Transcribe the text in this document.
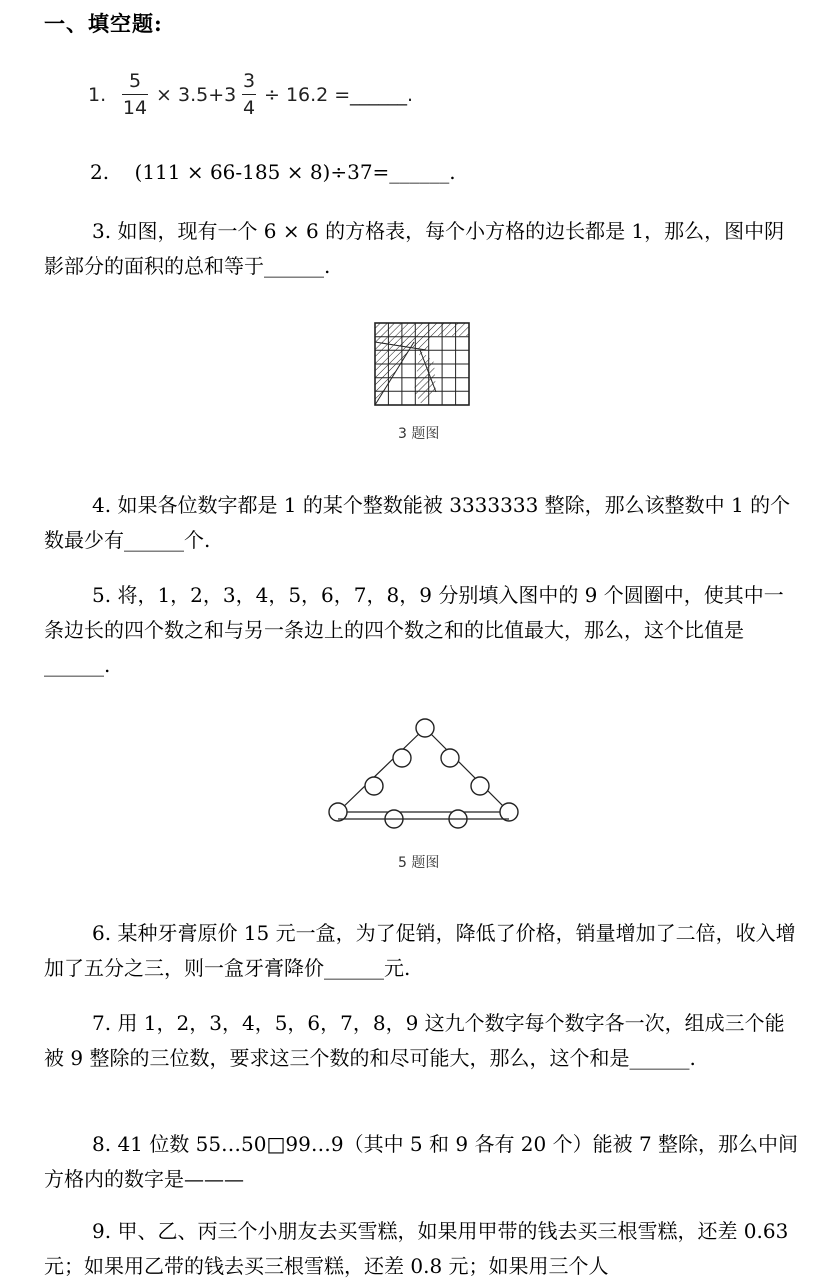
一、填空题:
1.
5
14
× 3.5+3
3
4
÷ 16.2 = ______.
2.    (111 × 66-185 × 8)÷37=______.
3. 如图，现有一个 6 × 6 的方格表，每个小方格的边长都是 1，那么，图中阴影部分的面积的总和等于______.
3 题图
4. 如果各位数字都是 1 的某个整数能被 3333333 整除，那么该整数中 1 的个数最少有______个.
5. 将，1，2，3，4，5，6，7，8，9 分别填入图中的 9 个圆圈中，使其中一条边长的四个数之和与另一条边上的四个数之和的比值最大，那么，这个比值是______.
5 题图
6. 某种牙膏原价 15 元一盒，为了促销，降低了价格，销量增加了二倍，收入增加了五分之三，则一盒牙膏降价______元.
7. 用 1，2，3，4，5，6，7，8，9 这九个数字每个数字各一次，组成三个能被 9 整除的三位数，要求这三个数的和尽可能大，那么，这个和是______.
8. 41 位数 55…50□99…9（其中 5 和 9 各有 20 个）能被 7 整除，那么中间方格内的数字是———
9. 甲、乙、丙三个小朋友去买雪糕，如果用甲带的钱去买三根雪糕，还差 0.63 元；如果用乙带的钱去买三根雪糕，还差 0.8 元；如果用三个人
